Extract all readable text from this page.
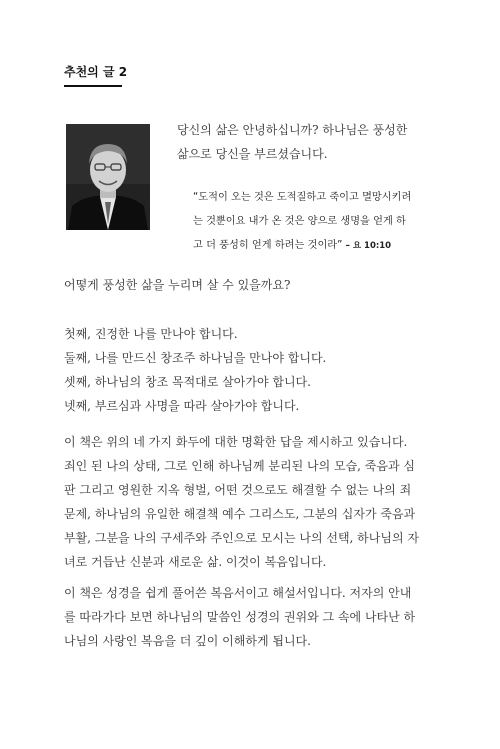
추천의 글 2
당신의 삶은 안녕하십니까? 하나님은 풍성한
삶으로 당신을 부르셨습니다.
“도적이 오는 것은 도적질하고 죽이고 멸망시키려
는 것뿐이요 내가 온 것은 양으로 생명을 얻게 하
고 더 풍성히 얻게 하려는 것이라” – 요 10:10
어떻게 풍성한 삶을 누리며 살 수 있을까요?
첫째, 진정한 나를 만나야 합니다.
둘째, 나를 만드신 창조주 하나님을 만나야 합니다.
셋째, 하나님의 창조 목적대로 살아가야 합니다.
넷째, 부르심과 사명을 따라 살아가야 합니다.
이 책은 위의 네 가지 화두에 대한 명확한 답을 제시하고 있습니다.
죄인 된 나의 상태, 그로 인해 하나님께 분리된 나의 모습, 죽음과 심
판 그리고 영원한 지옥 형벌, 어떤 것으로도 해결할 수 없는 나의 죄
문제, 하나님의 유일한 해결책 예수 그리스도, 그분의 십자가 죽음과
부활, 그분을 나의 구세주와 주인으로 모시는 나의 선택, 하나님의 자
녀로 거듭난 신분과 새로운 삶. 이것이 복음입니다.
이 책은 성경을 쉽게 풀어쓴 복음서이고 해설서입니다. 저자의 안내
를 따라가다 보면 하나님의 말씀인 성경의 권위와 그 속에 나타난 하
나님의 사랑인 복음을 더 깊이 이해하게 됩니다.
